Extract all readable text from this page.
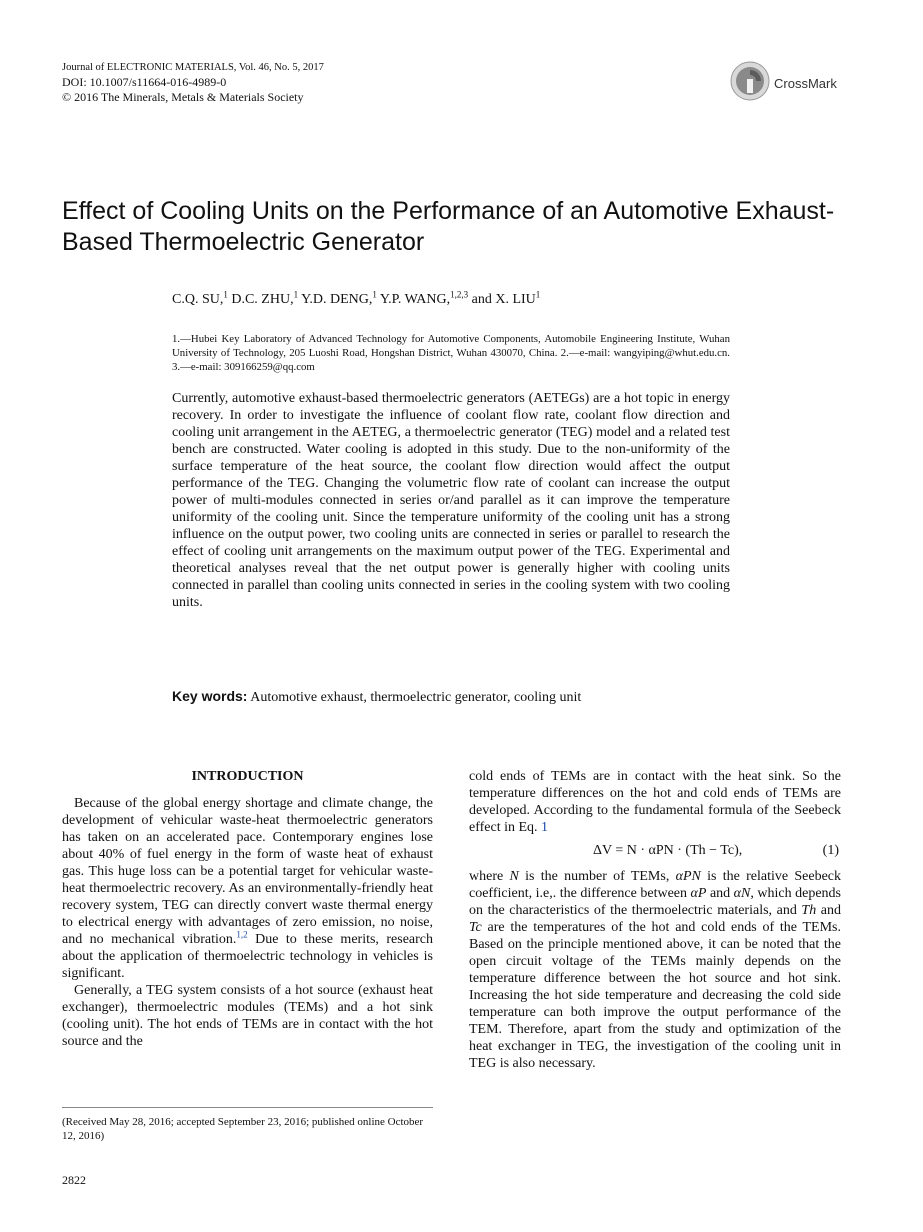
Journal of ELECTRONIC MATERIALS, Vol. 46, No. 5, 2017
DOI: 10.1007/s11664-016-4989-0
© 2016 The Minerals, Metals & Materials Society
CrossMark
Effect of Cooling Units on the Performance of an Automotive Exhaust-Based Thermoelectric Generator
C.Q. SU,$^1$ D.C. ZHU,$^1$ Y.D. DENG,$^1$ Y.P. WANG,$^{1,2,3}$ and X. LIU$^1$
1.—Hubei Key Laboratory of Advanced Technology for Automotive Components, Automobile Engineering Institute, Wuhan University of Technology, 205 Luoshi Road, Hongshan District, Wuhan 430070, China. 2.—e-mail: wangyiping@whut.edu.cn. 3.—e-mail: 309166259@qq.com
Currently, automotive exhaust-based thermoelectric generators (AETEGs) are a hot topic in energy recovery. In order to investigate the influence of coolant flow rate, coolant flow direction and cooling unit arrangement in the AETEG, a thermoelectric generator (TEG) model and a related test bench are constructed. Water cooling is adopted in this study. Due to the non-uniformity of the surface temperature of the heat source, the coolant flow direction would affect the output performance of the TEG. Changing the volumetric flow rate of coolant can increase the output power of multi-modules connected in series or/and parallel as it can improve the temperature uniformity of the cooling unit. Since the temperature uniformity of the cooling unit has a strong influence on the output power, two cooling units are connected in series or parallel to research the effect of cooling unit arrangements on the maximum output power of the TEG. Experimental and theoretical analyses reveal that the net output power is generally higher with cooling units connected in parallel than cooling units connected in series in the cooling system with two cooling units.
Key words: Automotive exhaust, thermoelectric generator, cooling unit
INTRODUCTION

Because of the global energy shortage and climate change, the development of vehicular waste-heat thermoelectric generators has taken on an accelerated pace. Contemporary engines lose about 40% of fuel energy in the form of waste heat of exhaust gas. This huge loss can be a potential target for vehicular waste-heat thermoelectric recovery. As an environmentally-friendly heat recovery system, TEG can directly convert waste thermal energy to electrical energy with advantages of zero emission, no noise, and no mechanical vibration.$^{1,2}$ Due to these merits, research about the application of thermoelectric technology in vehicles is significant.

Generally, a TEG system consists of a hot source (exhaust heat exchanger), thermoelectric modules (TEMs) and a hot sink (cooling unit). The hot ends of TEMs are in contact with the hot source and the

cold ends of TEMs are in contact with the heat sink. So the temperature differences on the hot and cold ends of TEMs are developed. According to the fundamental formula of the Seebeck effect in Eq. 1

ΔV = N · αPN · (Th − Tc),	(1)

where N is the number of TEMs, αPN is the relative Seebeck coefficient, i.e,. the difference between αP and αN, which depends on the characteristics of the thermoelectric materials, and Th and Tc are the temperatures of the hot and cold ends of the TEMs. Based on the principle mentioned above, it can be noted that the open circuit voltage of the TEMs mainly depends on the temperature difference between the hot source and hot sink. Increasing the hot side temperature and decreasing the cold side temperature can both improve the output performance of the TEM. Therefore, apart from the study and optimization of the heat exchanger in TEG, the investigation of the cooling unit in TEG is also necessary.

(Received May 28, 2016; accepted September 23, 2016; published online October 12, 2016)
2822
